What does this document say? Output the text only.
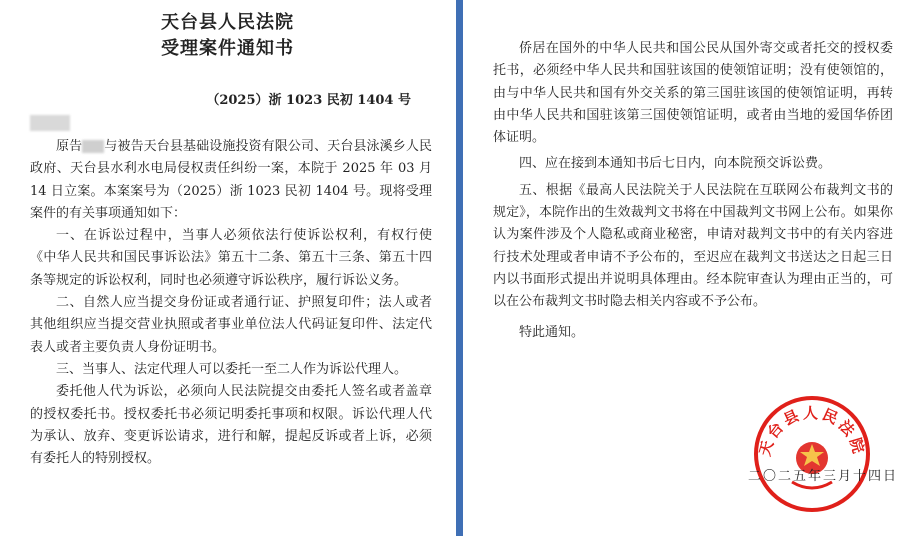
天台县人民法院
受理案件通知书
（2025）浙 1023 民初 1404 号

原告 与被告天台县基础设施投资有限公司、天台县泳溪乡人民政府、天台县水利水电局侵权责任纠纷一案，本院于 2025 年 03 月 14 日立案。本案案号为（2025）浙 1023 民初 1404 号。现将受理案件的有关事项通知如下：

一、在诉讼过程中，当事人必须依法行使诉讼权利，有权行使《中华人民共和国民事诉讼法》第五十二条、第五十三条、第五十四条等规定的诉讼权利，同时也必须遵守诉讼秩序，履行诉讼义务。

二、自然人应当提交身份证或者通行证、护照复印件；法人或者其他组织应当提交营业执照或者事业单位法人代码证复印件、法定代表人或者主要负责人身份证明书。

三、当事人、法定代理人可以委托一至二人作为诉讼代理人。

委托他人代为诉讼，必须向人民法院提交由委托人签名或者盖章的授权委托书。授权委托书必须记明委托事项和权限。诉讼代理人代为承认、放弃、变更诉讼请求，进行和解，提起反诉或者上诉，必须有委托人的特别授权。

侨居在国外的中华人民共和国公民从国外寄交或者托交的授权委托书，必须经中华人民共和国驻该国的使领馆证明；没有使领馆的，由与中华人民共和国有外交关系的第三国驻该国的使领馆证明，再转由中华人民共和国驻该第三国使领馆证明，或者由当地的爱国华侨团体证明。

四、应在接到本通知书后七日内，向本院预交诉讼费。

五、根据《最高人民法院关于人民法院在互联网公布裁判文书的规定》，本院作出的生效裁判文书将在中国裁判文书网上公布。如果你认为案件涉及个人隐私或商业秘密，申请对裁判文书中的有关内容进行技术处理或者申请不予公布的，至迟应在裁判文书送达之日起三日内以书面形式提出并说明具体理由。经本院审查认为理由正当的，可以在公布裁判文书时隐去相关内容或不予公布。

特此通知。

天台县人民法院
二〇二五年三月十四日
